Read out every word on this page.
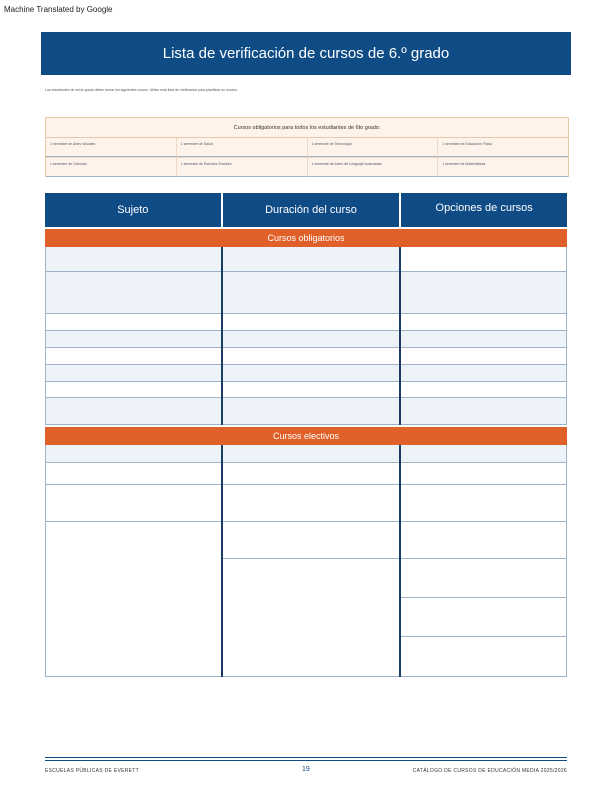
Machine Translated by Google
Lista de verificación de cursos de 6.º grado
Los estudiantes de sexto grado deben tomar los siguientes cursos. Utilice esta lista de verificación para planificar su horario.
Cursos obligatorios para todos los estudiantes de 6to grado:
1 semestre de Artes Visuales	1 semestre de Salud	1 semestre de Tecnología	1 semestre de Educación Física
1 semestre de Ciencias	1 semestre de Estudios Sociales	1 semestre de Artes del Lenguaje Avanzadas	1 semestre de Matemáticas
Sujeto	Duración del curso	Opciones de cursos
Cursos obligatorios
Cursos electivos
ESCUELAS PÚBLICAS DE EVERETT	19	CATÁLOGO DE CURSOS DE EDUCACIÓN MEDIA 2025/2026
